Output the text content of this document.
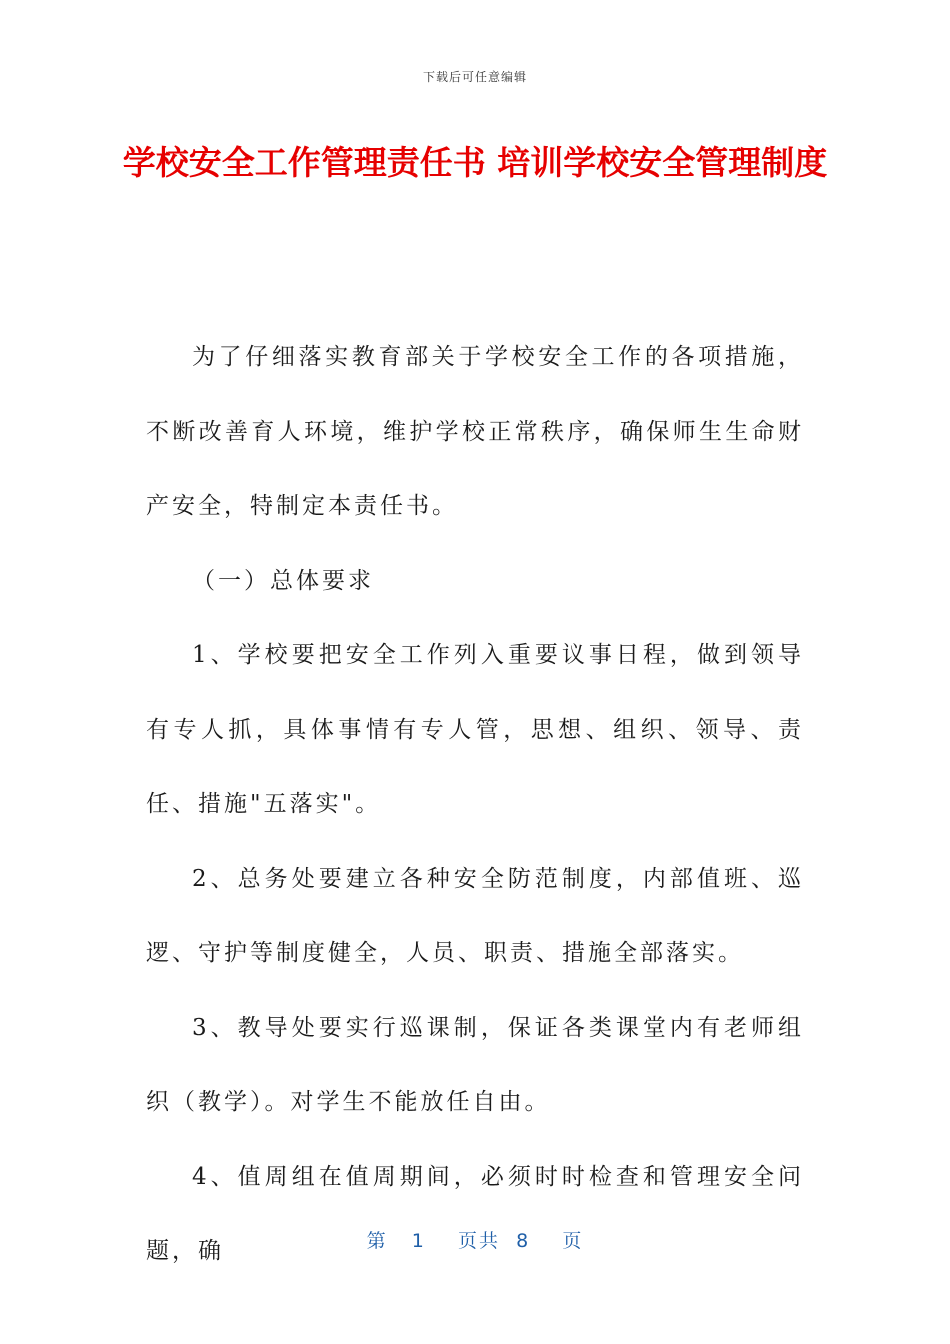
下载后可任意编辑
学校安全工作管理责任书 培训学校安全管理制度

为了仔细落实教育部关于学校安全工作的各项措施，不断改善育人环境，维护学校正常秩序，确保师生生命财产安全，特制定本责任书。

（一）总体要求

1、学校要把安全工作列入重要议事日程，做到领导有专人抓，具体事情有专人管，思想、组织、领导、责任、措施"五落实"。

2、总务处要建立各种安全防范制度，内部值班、巡逻、守护等制度健全，人员、职责、措施全部落实。

3、教导处要实行巡课制，保证各类课堂内有老师组织（教学）。对学生不能放任自由。

4、值周组在值周期间，必须时时检查和管理安全问题，确	第 1 页共 8 页
